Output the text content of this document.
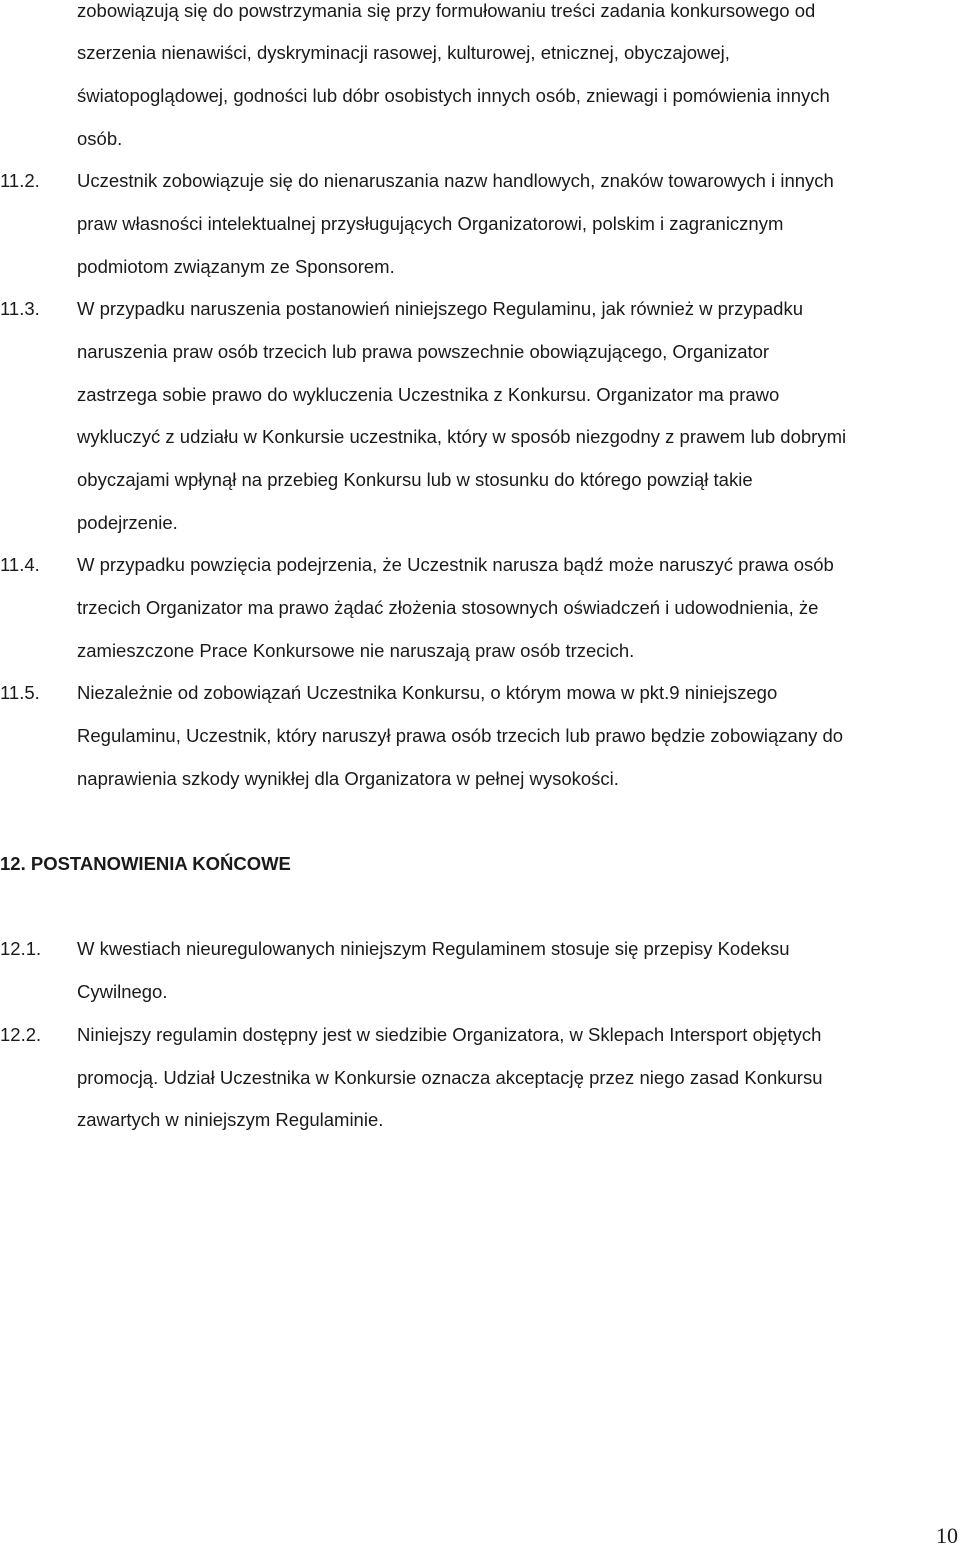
zobowiązują się do powstrzymania się przy formułowaniu treści zadania konkursowego od
szerzenia nienawiści, dyskryminacji rasowej, kulturowej, etnicznej, obyczajowej,
światopoglądowej, godności lub dóbr osobistych innych osób, zniewagi i pomówienia innych
osób.
11.2. Uczestnik zobowiązuje się do nienaruszania nazw handlowych, znaków towarowych i innych
praw własności intelektualnej przysługujących Organizatorowi, polskim i zagranicznym
podmiotom związanym ze Sponsorem.
11.3. W przypadku naruszenia postanowień niniejszego Regulaminu, jak również w przypadku
naruszenia praw osób trzecich lub prawa powszechnie obowiązującego, Organizator
zastrzega sobie prawo do wykluczenia Uczestnika z Konkursu. Organizator ma prawo
wykluczyć z udziału w Konkursie uczestnika, który w sposób niezgodny z prawem lub dobrymi
obyczajami wpłynął na przebieg Konkursu lub w stosunku do którego powziął takie
podejrzenie.
11.4. W przypadku powzięcia podejrzenia, że Uczestnik narusza bądź może naruszyć prawa osób
trzecich Organizator ma prawo żądać złożenia stosownych oświadczeń i udowodnienia, że
zamieszczone Prace Konkursowe nie naruszają praw osób trzecich.
11.5. Niezależnie od zobowiązań Uczestnika Konkursu, o którym mowa w pkt.9 niniejszego
Regulaminu, Uczestnik, który naruszył prawa osób trzecich lub prawo będzie zobowiązany do
naprawienia szkody wynikłej dla Organizatora w pełnej wysokości.
12. POSTANOWIENIA KOŃCOWE
12.1. W kwestiach nieuregulowanych niniejszym Regulaminem stosuje się przepisy Kodeksu
Cywilnego.
12.2. Niniejszy regulamin dostępny jest w siedzibie Organizatora, w Sklepach Intersport objętych
promocją. Udział Uczestnika w Konkursie oznacza akceptację przez niego zasad Konkursu
zawartych w niniejszym Regulaminie.
10
